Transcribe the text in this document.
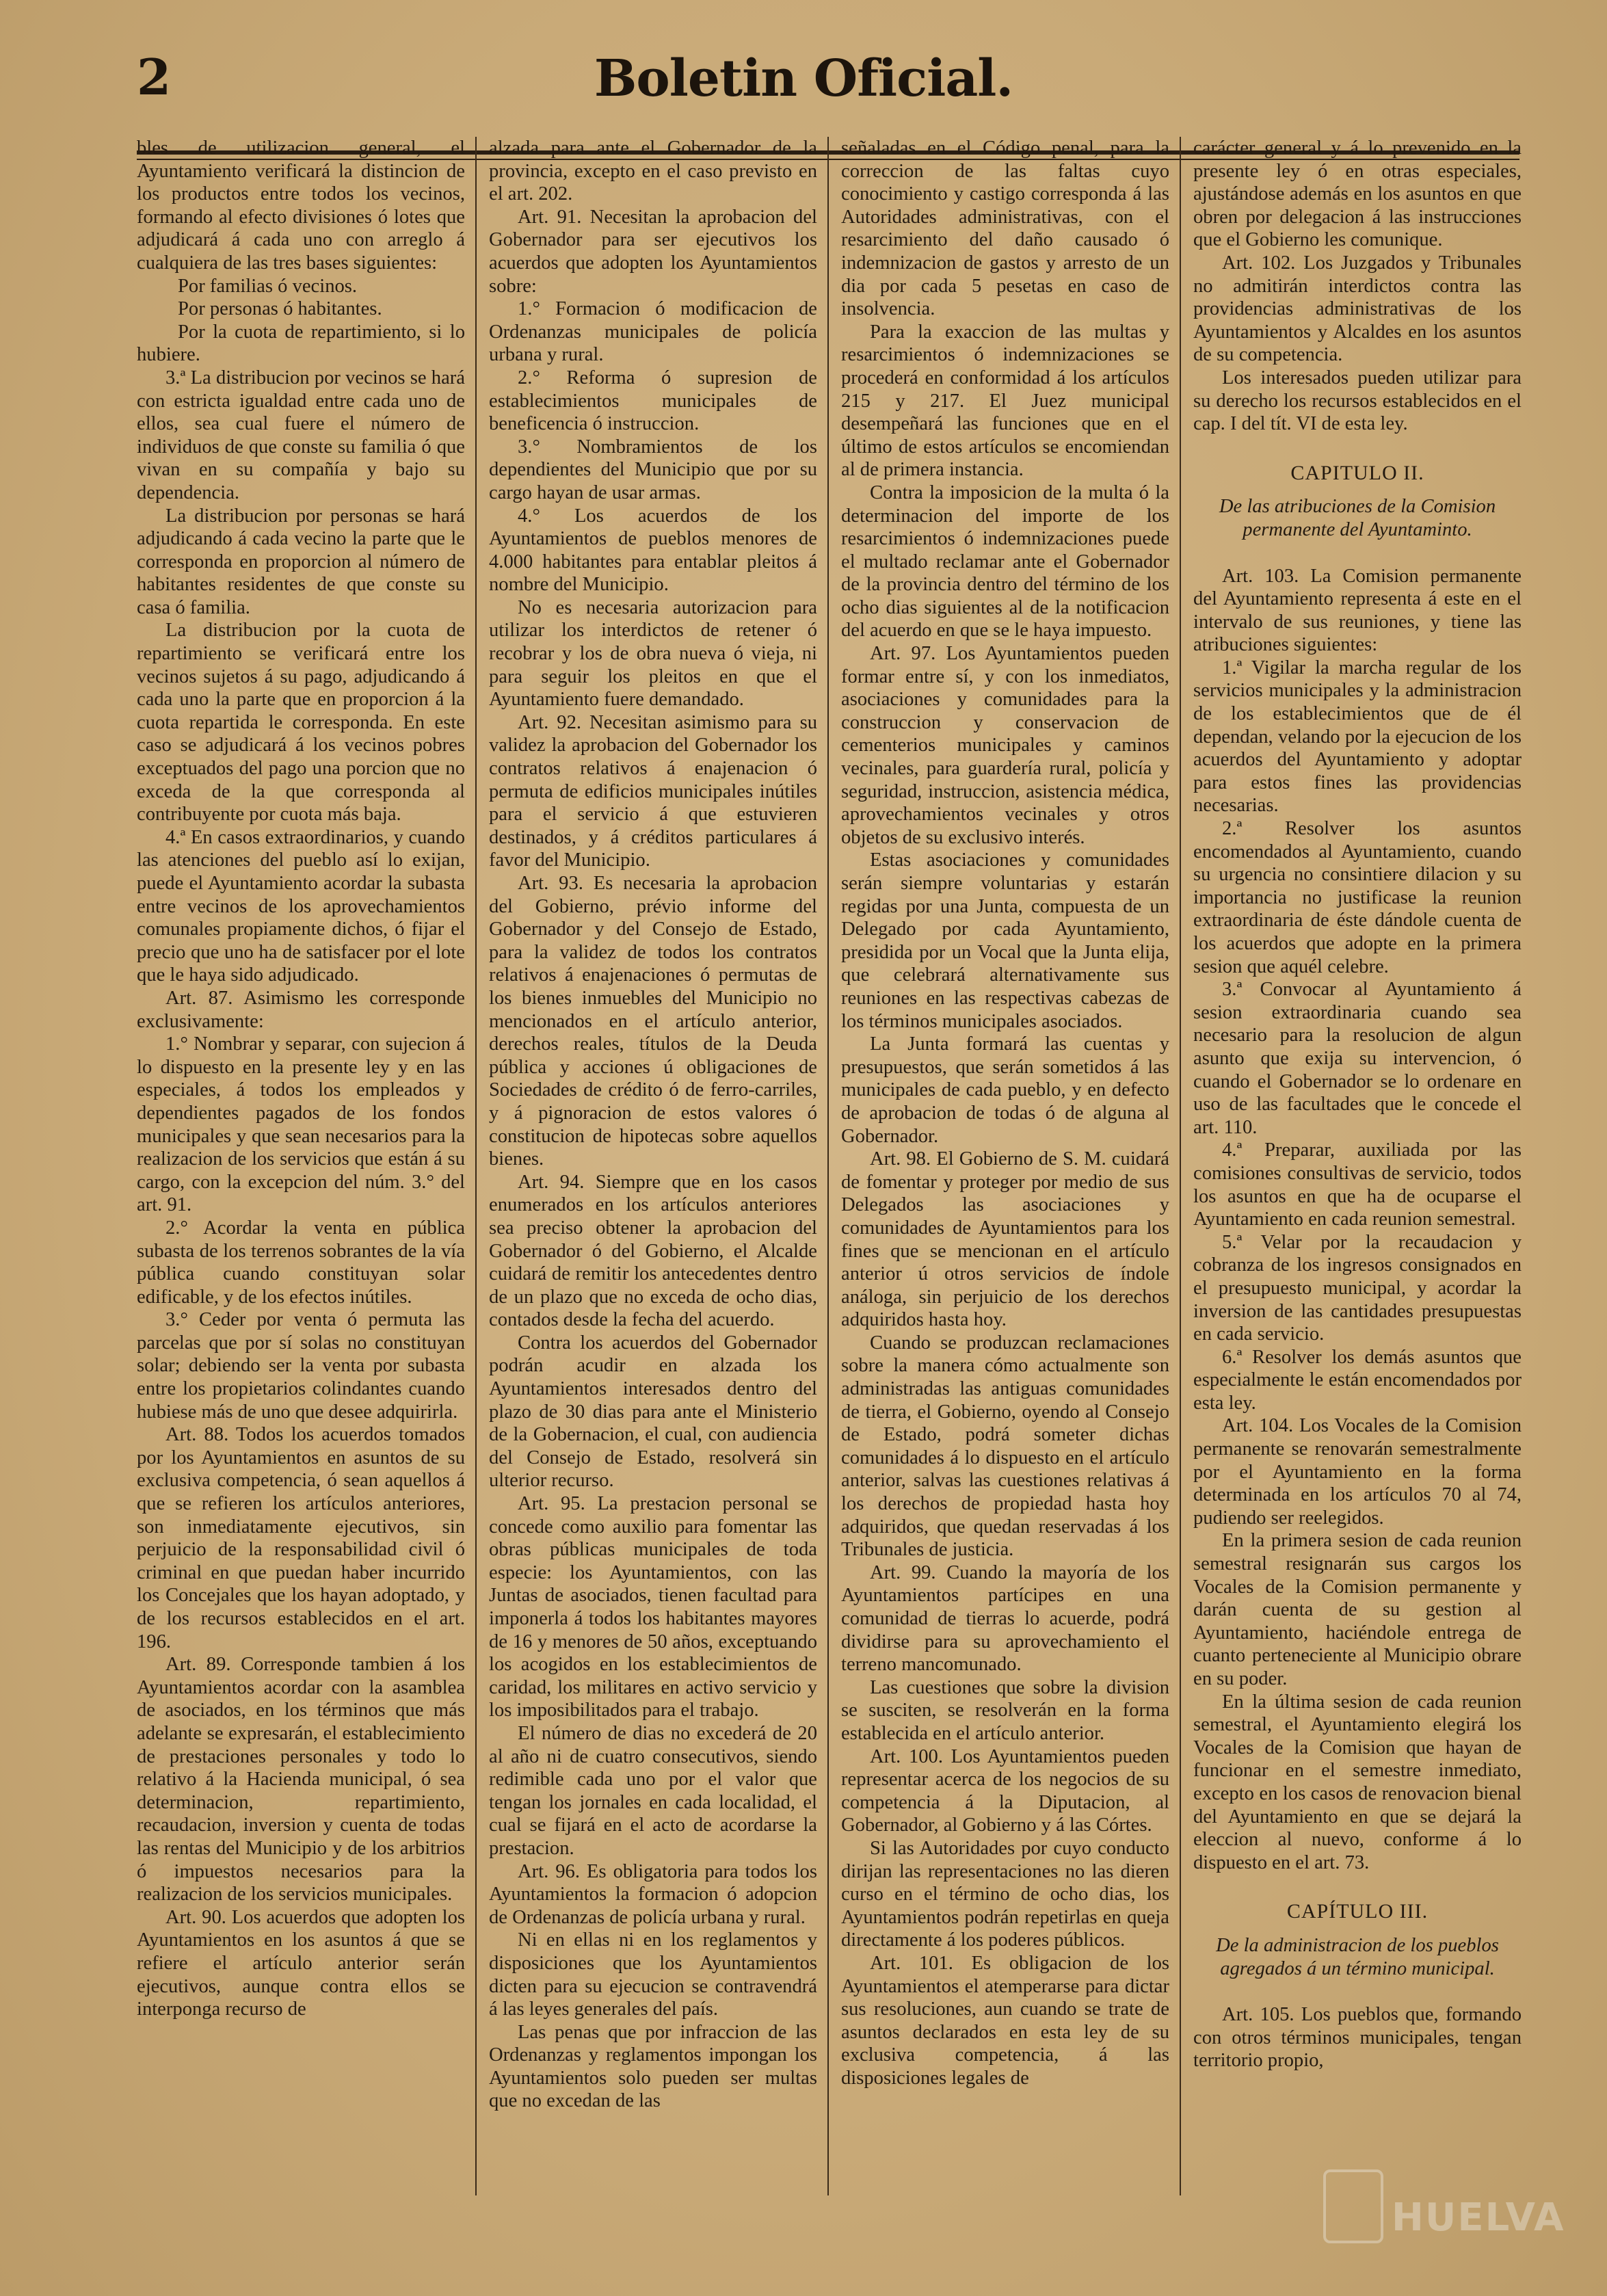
2	Boletin Oficial.

bles de utilizacion general, el Ayuntamiento verificará la distincion de los productos entre todos los vecinos, formando al efecto divisiones ó lotes que adjudicará á cada uno con arreglo á cualquiera de las tres bases siguientes:

Por familias ó vecinos.

Por personas ó habitantes.

Por la cuota de repartimiento, si lo hubiere.

3.ª La distribucion por vecinos se hará con estricta igualdad entre cada uno de ellos, sea cual fuere el número de individuos de que conste su familia ó que vivan en su compañía y bajo su dependencia.

La distribucion por personas se hará adjudicando á cada vecino la parte que le corresponda en proporcion al número de habitantes residentes de que conste su casa ó familia.

La distribucion por la cuota de repartimiento se verificará entre los vecinos sujetos á su pago, adjudicando á cada uno la parte que en proporcion á la cuota repartida le corresponda. En este caso se adjudicará á los vecinos pobres exceptuados del pago una porcion que no exceda de la que corresponda al contribuyente por cuota más baja.

4.ª En casos extraordinarios, y cuando las atenciones del pueblo así lo exijan, puede el Ayuntamiento acordar la subasta entre vecinos de los aprovechamientos comunales propiamente dichos, ó fijar el precio que uno ha de satisfacer por el lote que le haya sido adjudicado.

Art. 87. Asimismo les corresponde exclusivamente:

1.° Nombrar y separar, con sujecion á lo dispuesto en la presente ley y en las especiales, á todos los empleados y dependientes pagados de los fondos municipales y que sean necesarios para la realizacion de los servicios que están á su cargo, con la excepcion del núm. 3.° del art. 91.

2.° Acordar la venta en pública subasta de los terrenos sobrantes de la vía pública cuando constituyan solar edificable, y de los efectos inútiles.

3.° Ceder por venta ó permuta las parcelas que por sí solas no constituyan solar; debiendo ser la venta por subasta entre los propietarios colindantes cuando hubiese más de uno que desee adquirirla.

Art. 88. Todos los acuerdos tomados por los Ayuntamientos en asuntos de su exclusiva competencia, ó sean aquellos á que se refieren los artículos anteriores, son inmediatamente ejecutivos, sin perjuicio de la responsabilidad civil ó criminal en que puedan haber incurrido los Concejales que los hayan adoptado, y de los recursos establecidos en el art. 196.

Art. 89. Corresponde tambien á los Ayuntamientos acordar con la asamblea de asociados, en los términos que más adelante se expresarán, el establecimiento de prestaciones personales y todo lo relativo á la Hacienda municipal, ó sea determinacion, repartimiento, recaudacion, inversion y cuenta de todas las rentas del Municipio y de los arbitrios ó impuestos necesarios para la realizacion de los servicios municipales.

Art. 90. Los acuerdos que adopten los Ayuntamientos en los asuntos á que se refiere el artículo anterior serán ejecutivos, aunque contra ellos se interponga recurso de

alzada para ante el Gobernador de la provincia, excepto en el caso previsto en el art. 202.

Art. 91. Necesitan la aprobacion del Gobernador para ser ejecutivos los acuerdos que adopten los Ayuntamientos sobre:

1.° Formacion ó modificacion de Ordenanzas municipales de policía urbana y rural.

2.° Reforma ó supresion de establecimientos municipales de beneficencia ó instruccion.

3.° Nombramientos de los dependientes del Municipio que por su cargo hayan de usar armas.

4.° Los acuerdos de los Ayuntamientos de pueblos menores de 4.000 habitantes para entablar pleitos á nombre del Municipio.

No es necesaria autorizacion para utilizar los interdictos de retener ó recobrar y los de obra nueva ó vieja, ni para seguir los pleitos en que el Ayuntamiento fuere demandado.

Art. 92. Necesitan asimismo para su validez la aprobacion del Gobernador los contratos relativos á enajenacion ó permuta de edificios municipales inútiles para el servicio á que estuvieren destinados, y á créditos particulares á favor del Municipio.

Art. 93. Es necesaria la aprobacion del Gobierno, prévio informe del Gobernador y del Consejo de Estado, para la validez de todos los contratos relativos á enajenaciones ó permutas de los bienes inmuebles del Municipio no mencionados en el artículo anterior, derechos reales, títulos de la Deuda pública y acciones ú obligaciones de Sociedades de crédito ó de ferro-carriles, y á pignoracion de estos valores ó constitucion de hipotecas sobre aquellos bienes.

Art. 94. Siempre que en los casos enumerados en los artículos anteriores sea preciso obtener la aprobacion del Gobernador ó del Gobierno, el Alcalde cuidará de remitir los antecedentes dentro de un plazo que no exceda de ocho dias, contados desde la fecha del acuerdo.

Contra los acuerdos del Gobernador podrán acudir en alzada los Ayuntamientos interesados dentro del plazo de 30 dias para ante el Ministerio de la Gobernacion, el cual, con audiencia del Consejo de Estado, resolverá sin ulterior recurso.

Art. 95. La prestacion personal se concede como auxilio para fomentar las obras públicas municipales de toda especie: los Ayuntamientos, con las Juntas de asociados, tienen facultad para imponerla á todos los habitantes mayores de 16 y menores de 50 años, exceptuando los acogidos en los establecimientos de caridad, los militares en activo servicio y los imposibilitados para el trabajo.

El número de dias no excederá de 20 al año ni de cuatro consecutivos, siendo redimible cada uno por el valor que tengan los jornales en cada localidad, el cual se fijará en el acto de acordarse la prestacion.

Art. 96. Es obligatoria para todos los Ayuntamientos la formacion ó adopcion de Ordenanzas de policía urbana y rural.

Ni en ellas ni en los reglamentos y disposiciones que los Ayuntamientos dicten para su ejecucion se contravendrá á las leyes generales del país.

Las penas que por infraccion de las Ordenanzas y reglamentos impongan los Ayuntamientos solo pueden ser multas que no excedan de las

señaladas en el Código penal, para la correccion de las faltas cuyo conocimiento y castigo corresponda á las Autoridades administrativas, con el resarcimiento del daño causado ó indemnizacion de gastos y arresto de un dia por cada 5 pesetas en caso de insolvencia.

Para la exaccion de las multas y resarcimientos ó indemnizaciones se procederá en conformidad á los artículos 215 y 217. El Juez municipal desempeñará las funciones que en el último de estos artículos se encomiendan al de primera instancia.

Contra la imposicion de la multa ó la determinacion del importe de los resarcimientos ó indemnizaciones puede el multado reclamar ante el Gobernador de la provincia dentro del término de los ocho dias siguientes al de la notificacion del acuerdo en que se le haya impuesto.

Art. 97. Los Ayuntamientos pueden formar entre sí, y con los inmediatos, asociaciones y comunidades para la construccion y conservacion de cementerios municipales y caminos vecinales, para guardería rural, policía y seguridad, instruccion, asistencia médica, aprovechamientos vecinales y otros objetos de su exclusivo interés.

Estas asociaciones y comunidades serán siempre voluntarias y estarán regidas por una Junta, compuesta de un Delegado por cada Ayuntamiento, presidida por un Vocal que la Junta elija, que celebrará alternativamente sus reuniones en las respectivas cabezas de los términos municipales asociados.

La Junta formará las cuentas y presupuestos, que serán sometidos á las municipales de cada pueblo, y en defecto de aprobacion de todas ó de alguna al Gobernador.

Art. 98. El Gobierno de S. M. cuidará de fomentar y proteger por medio de sus Delegados las asociaciones y comunidades de Ayuntamientos para los fines que se mencionan en el artículo anterior ú otros servicios de índole análoga, sin perjuicio de los derechos adquiridos hasta hoy.

Cuando se produzcan reclamaciones sobre la manera cómo actualmente son administradas las antiguas comunidades de tierra, el Gobierno, oyendo al Consejo de Estado, podrá someter dichas comunidades á lo dispuesto en el artículo anterior, salvas las cuestiones relativas á los derechos de propiedad hasta hoy adquiridos, que quedan reservadas á los Tribunales de justicia.

Art. 99. Cuando la mayoría de los Ayuntamientos partícipes en una comunidad de tierras lo acuerde, podrá dividirse para su aprovechamiento el terreno mancomunado.

Las cuestiones que sobre la division se susciten, se resolverán en la forma establecida en el artículo anterior.

Art. 100. Los Ayuntamientos pueden representar acerca de los negocios de su competencia á la Diputacion, al Gobernador, al Gobierno y á las Córtes.

Si las Autoridades por cuyo conducto dirijan las representaciones no las dieren curso en el término de ocho dias, los Ayuntamientos podrán repetirlas en queja directamente á los poderes públicos.

Art. 101. Es obligacion de los Ayuntamientos el atemperarse para dictar sus resoluciones, aun cuando se trate de asuntos declarados en esta ley de su exclusiva competencia, á las disposiciones legales de

carácter general y á lo prevenido en la presente ley ó en otras especiales, ajustándose además en los asuntos en que obren por delegacion á las instrucciones que el Gobierno les comunique.

Art. 102. Los Juzgados y Tribunales no admitirán interdictos contra las providencias administrativas de los Ayuntamientos y Alcaldes en los asuntos de su competencia.

Los interesados pueden utilizar para su derecho los recursos establecidos en el cap. I del tít. VI de esta ley.

CAPITULO II.

De las atribuciones de la Comision permanente del Ayuntaminto.

Art. 103. La Comision permanente del Ayuntamiento representa á este en el intervalo de sus reuniones, y tiene las atribuciones siguientes:

1.ª Vigilar la marcha regular de los servicios municipales y la administracion de los establecimientos que de él dependan, velando por la ejecucion de los acuerdos del Ayuntamiento y adoptar para estos fines las providencias necesarias.

2.ª Resolver los asuntos encomendados al Ayuntamiento, cuando su urgencia no consintiere dilacion y su importancia no justificase la reunion extraordinaria de éste dándole cuenta de los acuerdos que adopte en la primera sesion que aquél celebre.

3.ª Convocar al Ayuntamiento á sesion extraordinaria cuando sea necesario para la resolucion de algun asunto que exija su intervencion, ó cuando el Gobernador se lo ordenare en uso de las facultades que le concede el art. 110.

4.ª Preparar, auxiliada por las comisiones consultivas de servicio, todos los asuntos en que ha de ocuparse el Ayuntamiento en cada reunion semestral.

5.ª Velar por la recaudacion y cobranza de los ingresos consignados en el presupuesto municipal, y acordar la inversion de las cantidades presupuestas en cada servicio.

6.ª Resolver los demás asuntos que especialmente le están encomendados por esta ley.

Art. 104. Los Vocales de la Comision permanente se renovarán semestralmente por el Ayuntamiento en la forma determinada en los artículos 70 al 74, pudiendo ser reelegidos.

En la primera sesion de cada reunion semestral resignarán sus cargos los Vocales de la Comision permanente y darán cuenta de su gestion al Ayuntamiento, haciéndole entrega de cuanto perteneciente al Municipio obrare en su poder.

En la última sesion de cada reunion semestral, el Ayuntamiento elegirá los Vocales de la Comision que hayan de funcionar en el semestre inmediato, excepto en los casos de renovacion bienal del Ayuntamiento en que se dejará la eleccion al nuevo, conforme á lo dispuesto en el art. 73.

CAPÍTULO III.

De la administracion de los pueblos agregados á un término municipal.

Art. 105. Los pueblos que, formando con otros términos municipales, tengan territorio propio,

HUELVA
